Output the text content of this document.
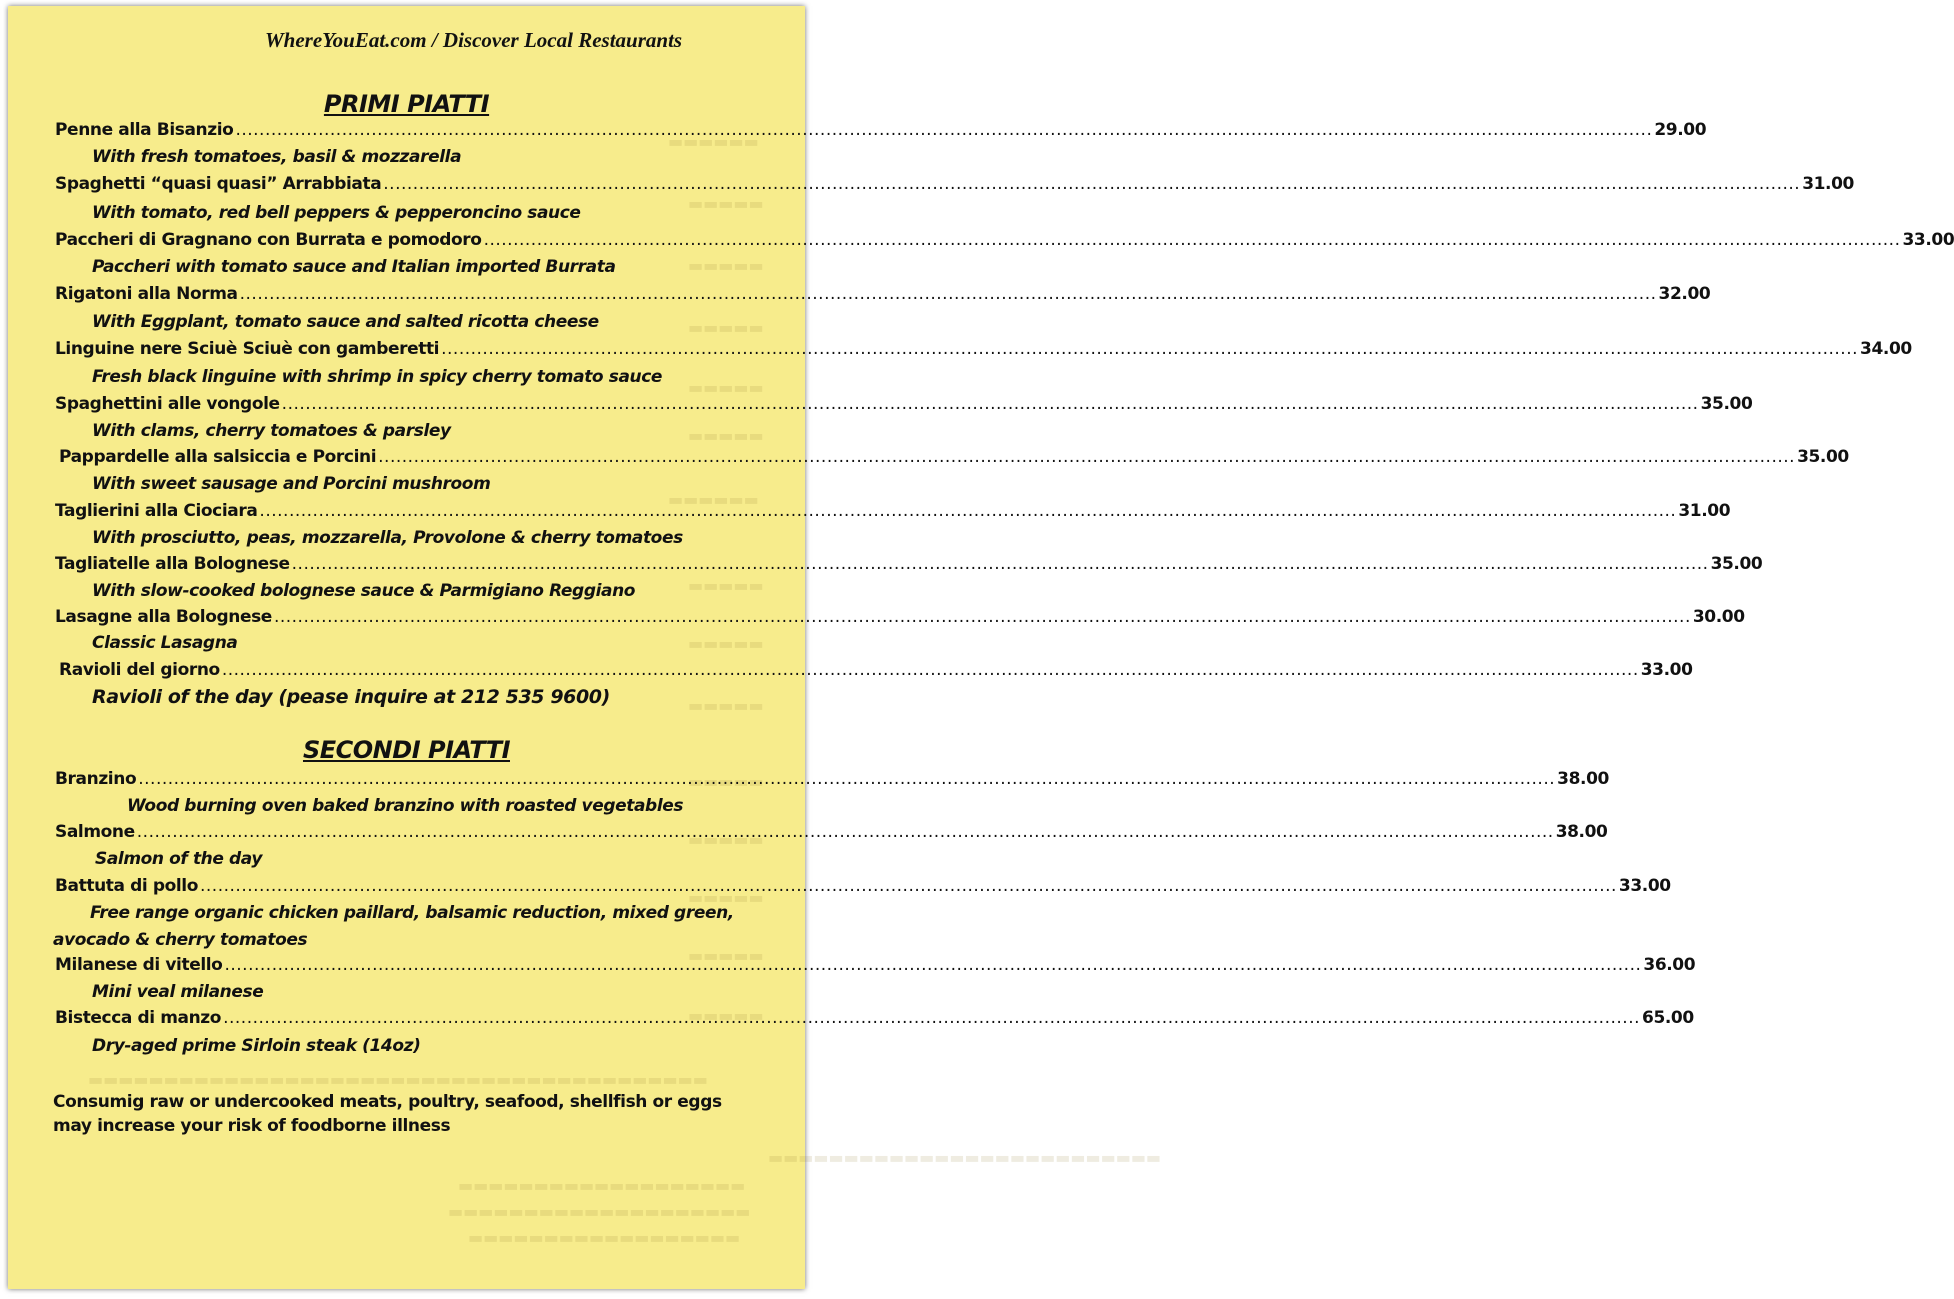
▬▬▬▬▬▬
▬▬▬▬▬
▬▬▬▬▬
▬▬▬▬▬
▬▬▬▬▬
▬▬▬▬▬
▬▬▬▬▬▬
▬▬▬▬▬
▬▬▬▬▬
▬▬▬▬▬
▬▬▬▬▬
▬▬▬▬▬
▬▬▬▬▬
▬▬▬▬▬
▬▬▬▬▬
▬▬▬▬▬▬▬▬▬▬▬▬▬▬▬▬▬▬▬▬▬▬▬▬▬▬▬▬▬▬▬▬▬▬▬▬▬▬▬▬▬
▬▬▬▬▬▬▬▬▬▬▬▬▬▬▬▬▬▬▬▬▬▬▬▬▬▬
▬▬▬▬▬▬▬▬▬▬▬▬▬▬▬▬▬▬▬
▬▬▬▬▬▬▬▬▬▬▬▬▬▬▬▬▬▬▬▬
▬▬▬▬▬▬▬▬▬▬▬▬▬▬▬▬▬▬
WhereYouEat.com / Discover Local Restaurants
PRIMI PIATTI
Penne alla Bisanzio .....	29.00
With fresh tomatoes, basil & mozzarella
Spaghetti “quasi quasi” Arrabbiata .....	31.00
With tomato, red bell peppers & pepperoncino sauce
Paccheri di Gragnano con Burrata e pomodoro .....	33.00
Paccheri with tomato sauce and Italian imported Burrata
Rigatoni alla Norma .....	32.00
With Eggplant, tomato sauce and salted ricotta cheese
Linguine nere Sciuè Sciuè con gamberetti .....	34.00
Fresh black linguine with shrimp in spicy cherry tomato sauce
Spaghettini alle vongole .....	35.00
With clams, cherry tomatoes & parsley
Pappardelle alla salsiccia e Porcini .....	35.00
With sweet sausage and Porcini mushroom
Taglierini alla Ciociara .....	31.00
With prosciutto, peas, mozzarella, Provolone & cherry tomatoes
Tagliatelle alla Bolognese .....	35.00
With slow-cooked bolognese sauce & Parmigiano Reggiano
Lasagne alla Bolognese .....	30.00
Classic Lasagna
Ravioli del giorno .....	33.00
Ravioli of the day (pease inquire at 212 535 9600)
SECONDI PIATTI
Branzino .....	38.00
Wood burning oven baked branzino with roasted vegetables
Salmone .....	38.00
Salmon of the day
Battuta di pollo .....	33.00
Free range organic chicken paillard, balsamic reduction, mixed green, avocado & cherry tomatoes
Milanese di vitello .....	36.00
Mini veal milanese
Bistecca di manzo .....	65.00
Dry-aged prime Sirloin steak (14oz)
Consumig raw or undercooked meats, poultry, seafood, shellfish or eggs may increase your risk of foodborne illness
